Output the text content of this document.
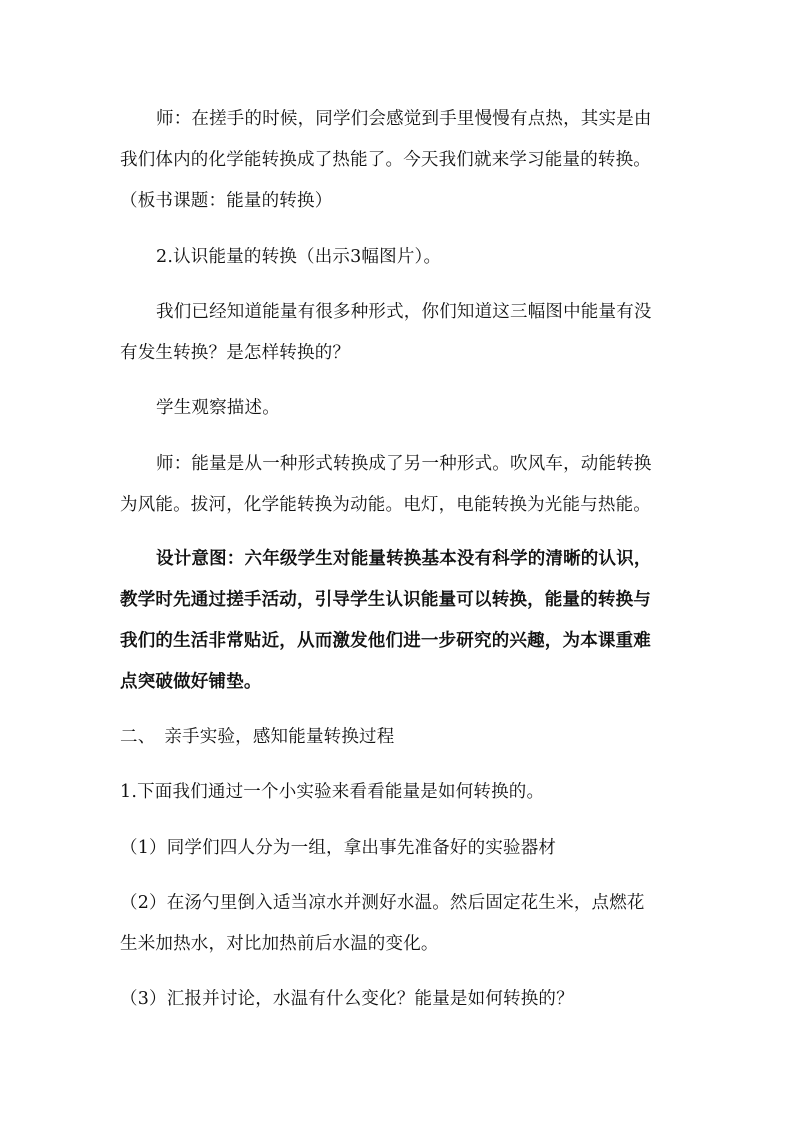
师：在搓手的时候，同学们会感觉到手里慢慢有点热，其实是由
我们体内的化学能转换成了热能了。今天我们就来学习能量的转换。
（板书课题：能量的转换）
2.认识能量的转换（出示3幅图片）。
我们已经知道能量有很多种形式，你们知道这三幅图中能量有没
有发生转换？是怎样转换的？
学生观察描述。
师：能量是从一种形式转换成了另一种形式。吹风车，动能转换
为风能。拔河，化学能转换为动能。电灯，电能转换为光能与热能。
设计意图：六年级学生对能量转换基本没有科学的清晰的认识，
教学时先通过搓手活动，引导学生认识能量可以转换，能量的转换与
我们的生活非常贴近，从而激发他们进一步研究的兴趣，为本课重难
点突破做好铺垫。
二、　亲手实验，感知能量转换过程
1.下面我们通过一个小实验来看看能量是如何转换的。
（1）同学们四人分为一组，拿出事先准备好的实验器材
（2）在汤勺里倒入适当凉水并测好水温。然后固定花生米，点燃花
生米加热水，对比加热前后水温的变化。
（3）汇报并讨论，水温有什么变化？能量是如何转换的？
